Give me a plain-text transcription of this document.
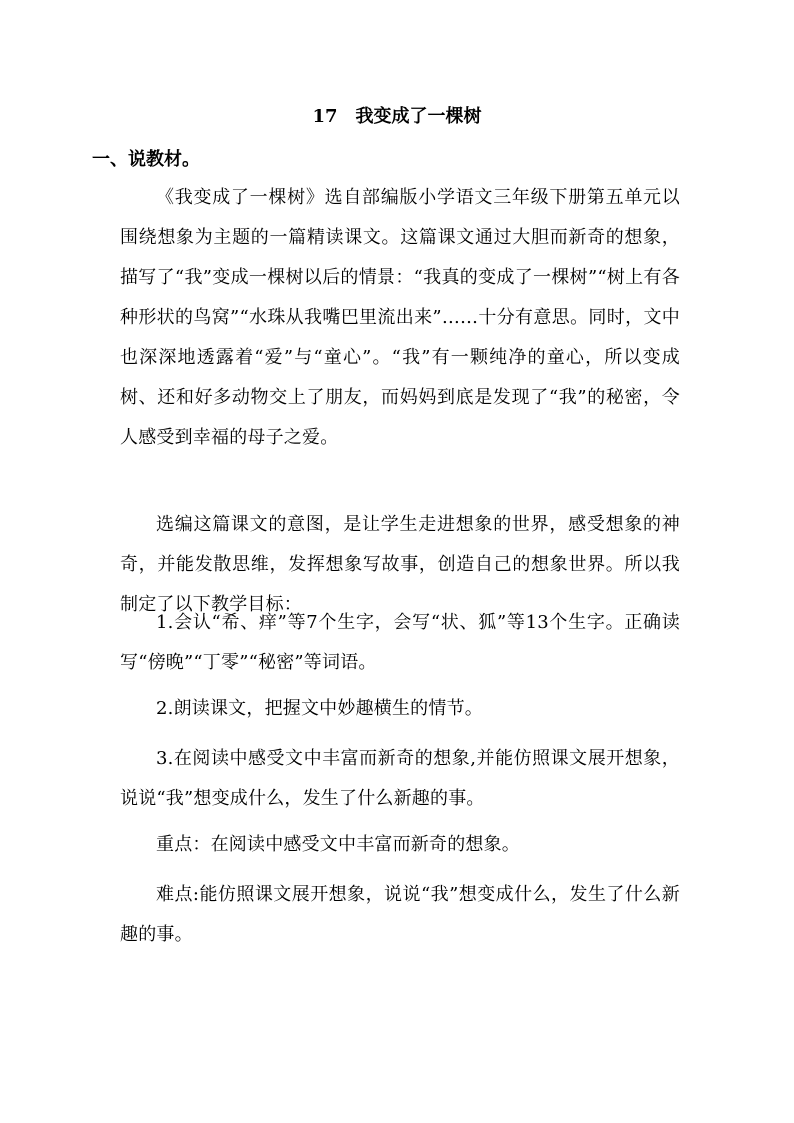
17　我变成了一棵树
一、说教材。

《我变成了一棵树》选自部编版小学语文三年级下册第五单元以围绕想象为主题的一篇精读课文。这篇课文通过大胆而新奇的想象，描写了“我”变成一棵树以后的情景：“我真的变成了一棵树”“树上有各种形状的鸟窝”“水珠从我嘴巴里流出来”……十分有意思。同时，文中也深深地透露着“爱”与“童心”。“我”有一颗纯净的童心，所以变成树、还和好多动物交上了朋友，而妈妈到底是发现了“我”的秘密，令人感受到幸福的母子之爱。

选编这篇课文的意图，是让学生走进想象的世界，感受想象的神奇，并能发散思维，发挥想象写故事，创造自己的想象世界。所以我制定了以下教学目标：

1.会认“希、痒”等7个生字，会写“状、狐”等13个生字。正确读写“傍晚”“丁零”“秘密”等词语。

2.朗读课文，把握文中妙趣横生的情节。

3.在阅读中感受文中丰富而新奇的想象,并能仿照课文展开想象，说说“我”想变成什么，发生了什么新趣的事。

重点：在阅读中感受文中丰富而新奇的想象。

难点:能仿照课文展开想象，说说“我”想变成什么，发生了什么新趣的事。
